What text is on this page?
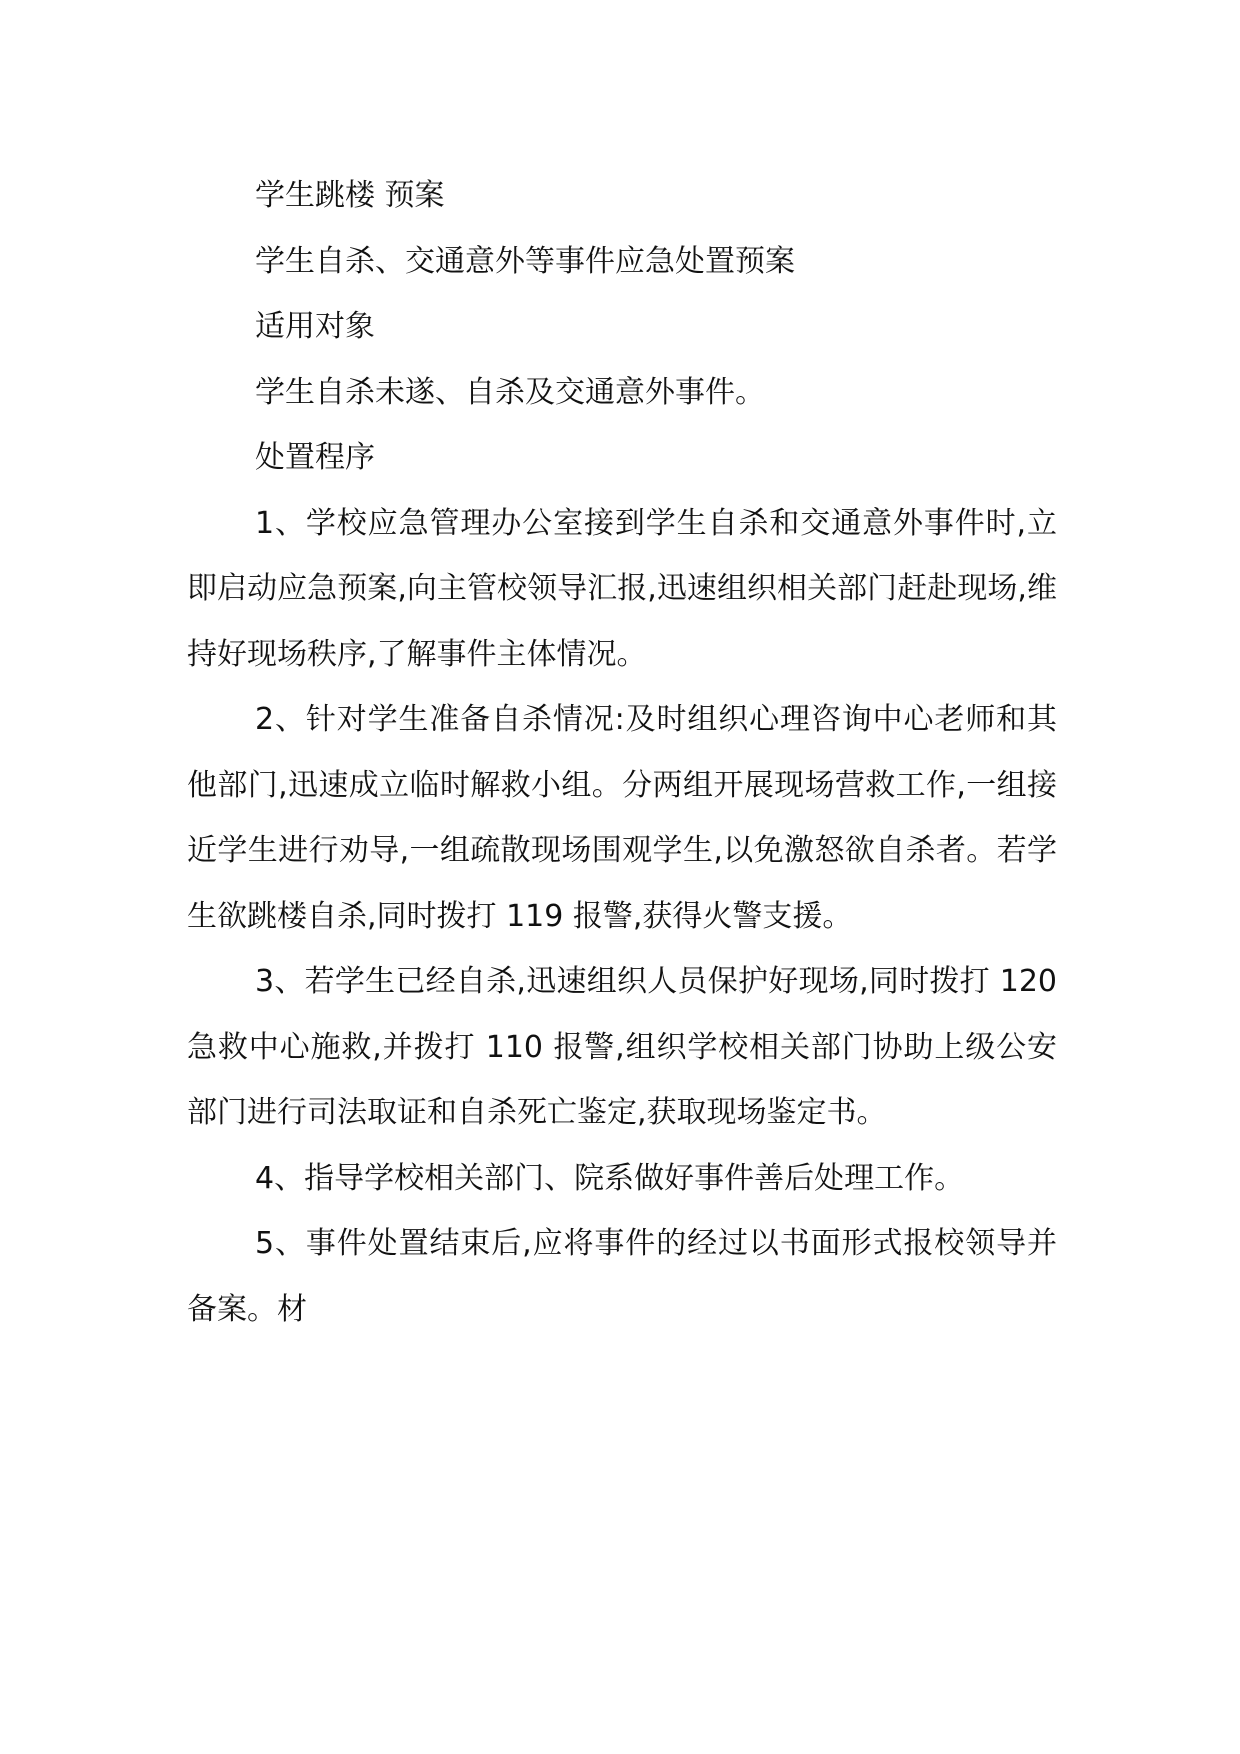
学生跳楼 预案

学生自杀、交通意外等事件应急处置预案

适用对象

学生自杀未遂、自杀及交通意外事件。

处置程序

1、学校应急管理办公室接到学生自杀和交通意外事件时,立即启动应急预案,向主管校领导汇报,迅速组织相关部门赶赴现场,维持好现场秩序,了解事件主体情况。

2、针对学生准备自杀情况:及时组织心理咨询中心老师和其他部门,迅速成立临时解救小组。分两组开展现场营救工作,一组接近学生进行劝导,一组疏散现场围观学生,以免激怒欲自杀者。若学生欲跳楼自杀,同时拨打 119 报警,获得火警支援。

3、若学生已经自杀,迅速组织人员保护好现场,同时拨打 120 急救中心施救,并拨打 110 报警,组织学校相关部门协助上级公安部门进行司法取证和自杀死亡鉴定,获取现场鉴定书。

4、指导学校相关部门、院系做好事件善后处理工作。

5、事件处置结束后,应将事件的经过以书面形式报校领导并备案。材
